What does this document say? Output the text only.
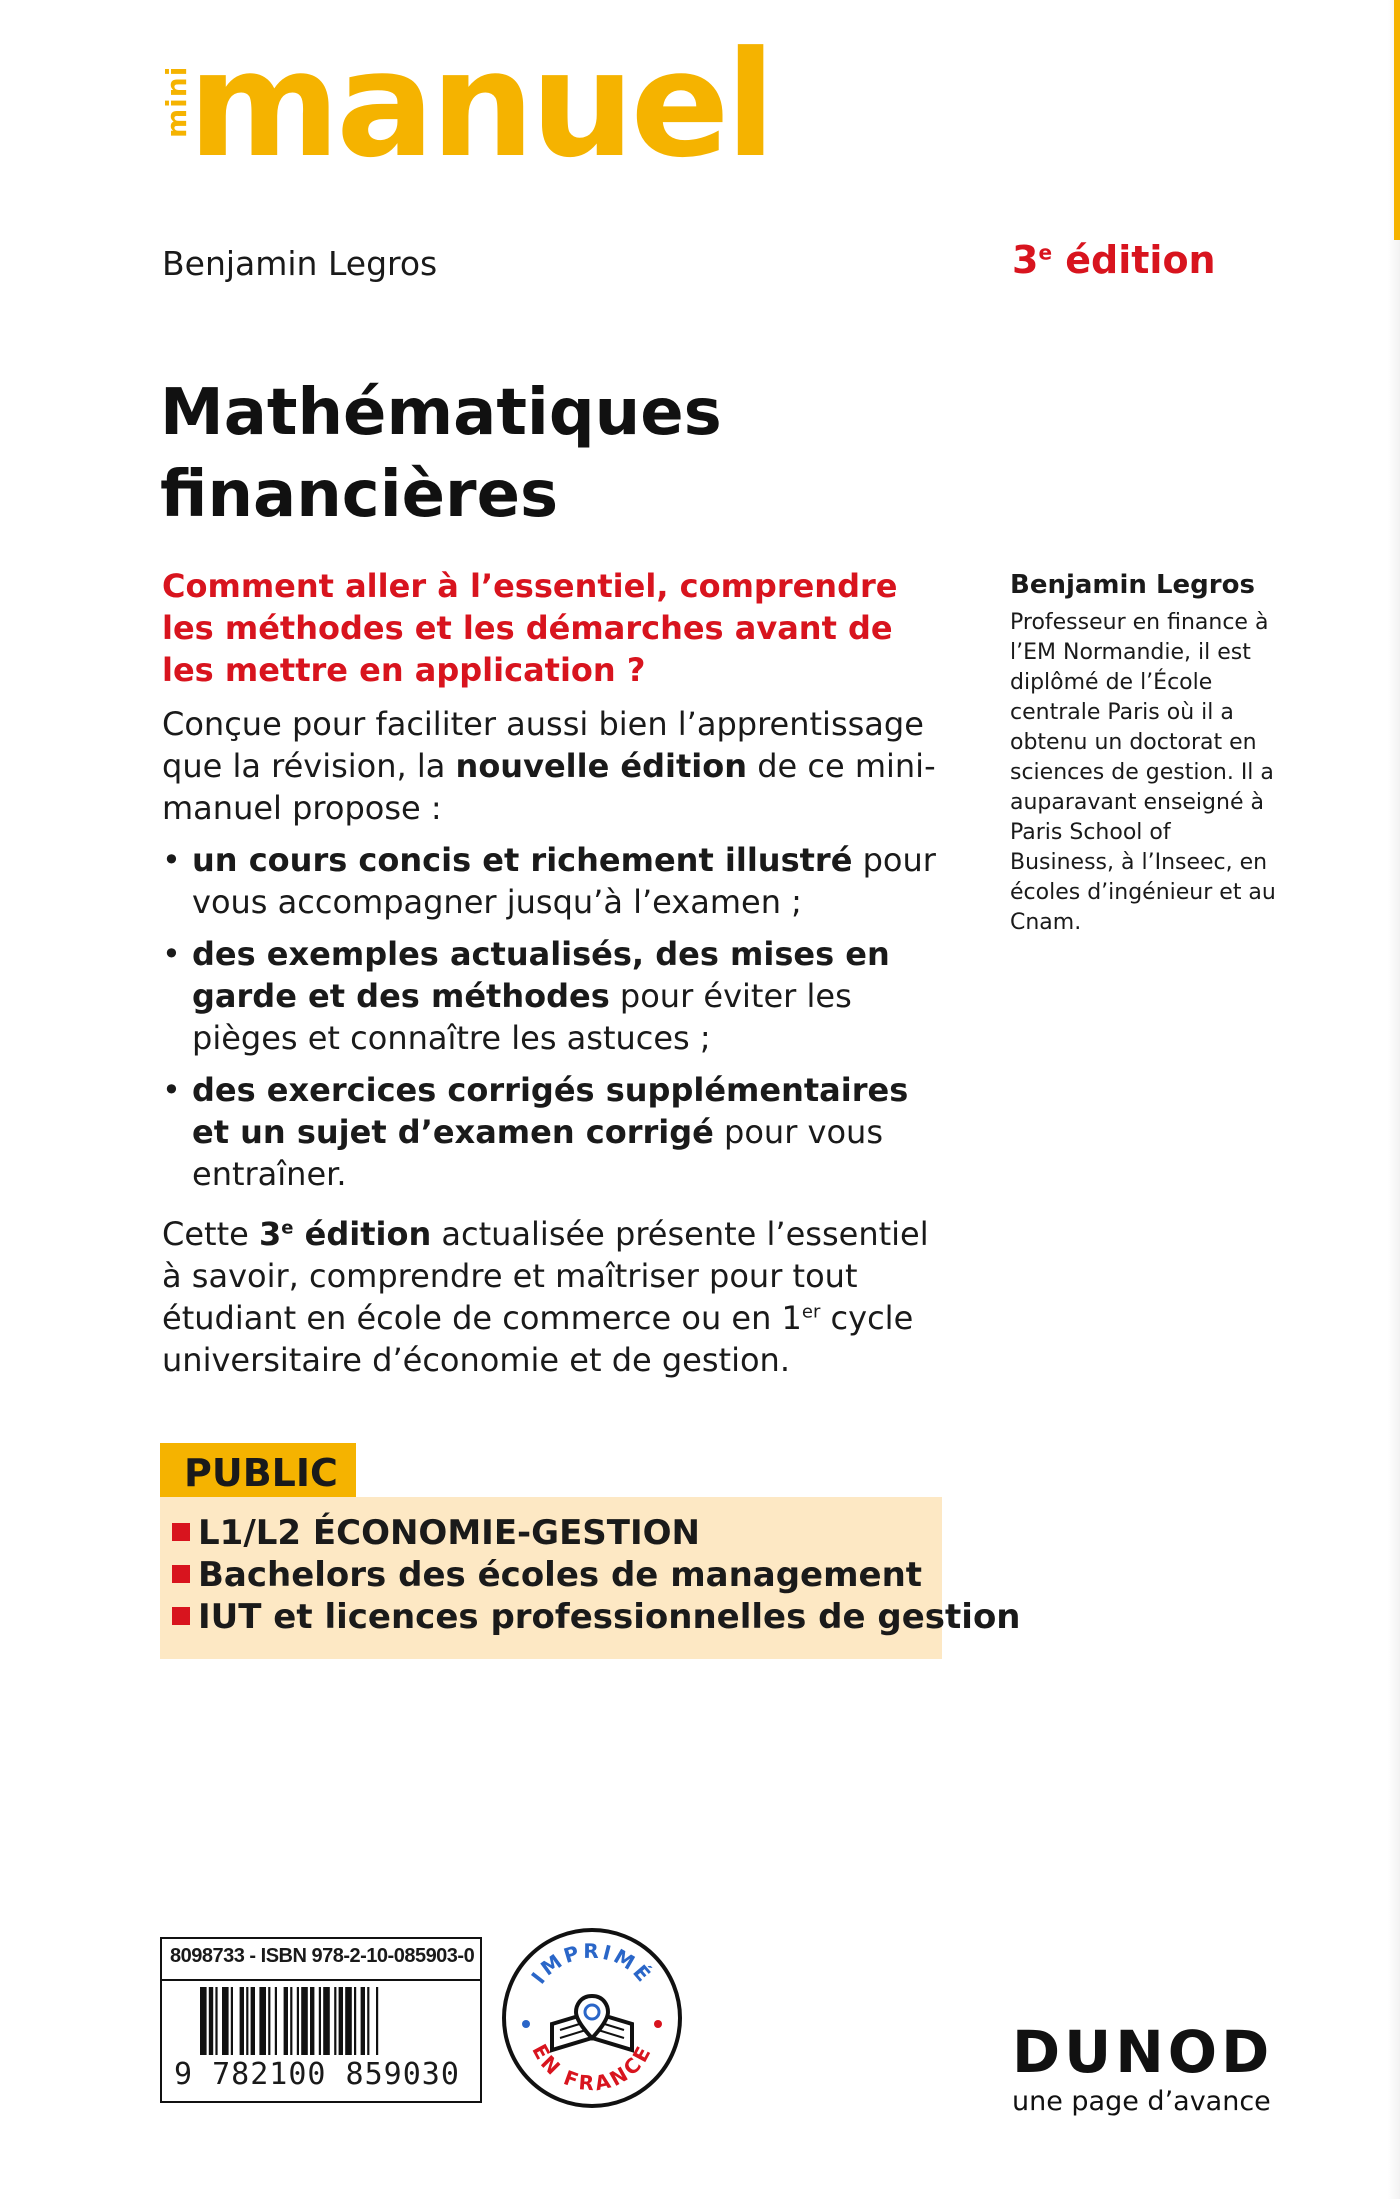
mini
manuel
Benjamin Legros	3e édition
Mathématiques
financières

Comment aller à l’essentiel, comprendre les méthodes et les démarches avant de les mettre en application ?

Conçue pour faciliter aussi bien l’apprentissage que la révision, la nouvelle édition de ce mini-manuel propose :

• un cours concis et richement illustré pour vous accompagner jusqu’à l’examen ;
• des exemples actualisés, des mises en garde et des méthodes pour éviter les pièges et connaître les astuces ;
• des exercices corrigés supplémentaires et un sujet d’examen corrigé pour vous entraîner.

Cette 3e édition actualisée présente l’essentiel à savoir, comprendre et maîtriser pour tout étudiant en école de commerce ou en 1er cycle universitaire d’économie et de gestion.

Benjamin Legros

Professeur en finance à l’EM Normandie, il est diplômé de l’École centrale Paris où il a obtenu un doctorat en sciences de gestion. Il a auparavant enseigné à Paris School of Business, à l’Inseec, en écoles d’ingénieur et au Cnam.

PUBLIC
L1/L2 ÉCONOMIE-GESTION
Bachelors des écoles de management
IUT et licences professionnelles de gestion
8098733 - ISBN 978-2-10-085903-0
9 782100 859030
IMPRIMÉ
EN FRANCE	DUNOD
une page d’avance
